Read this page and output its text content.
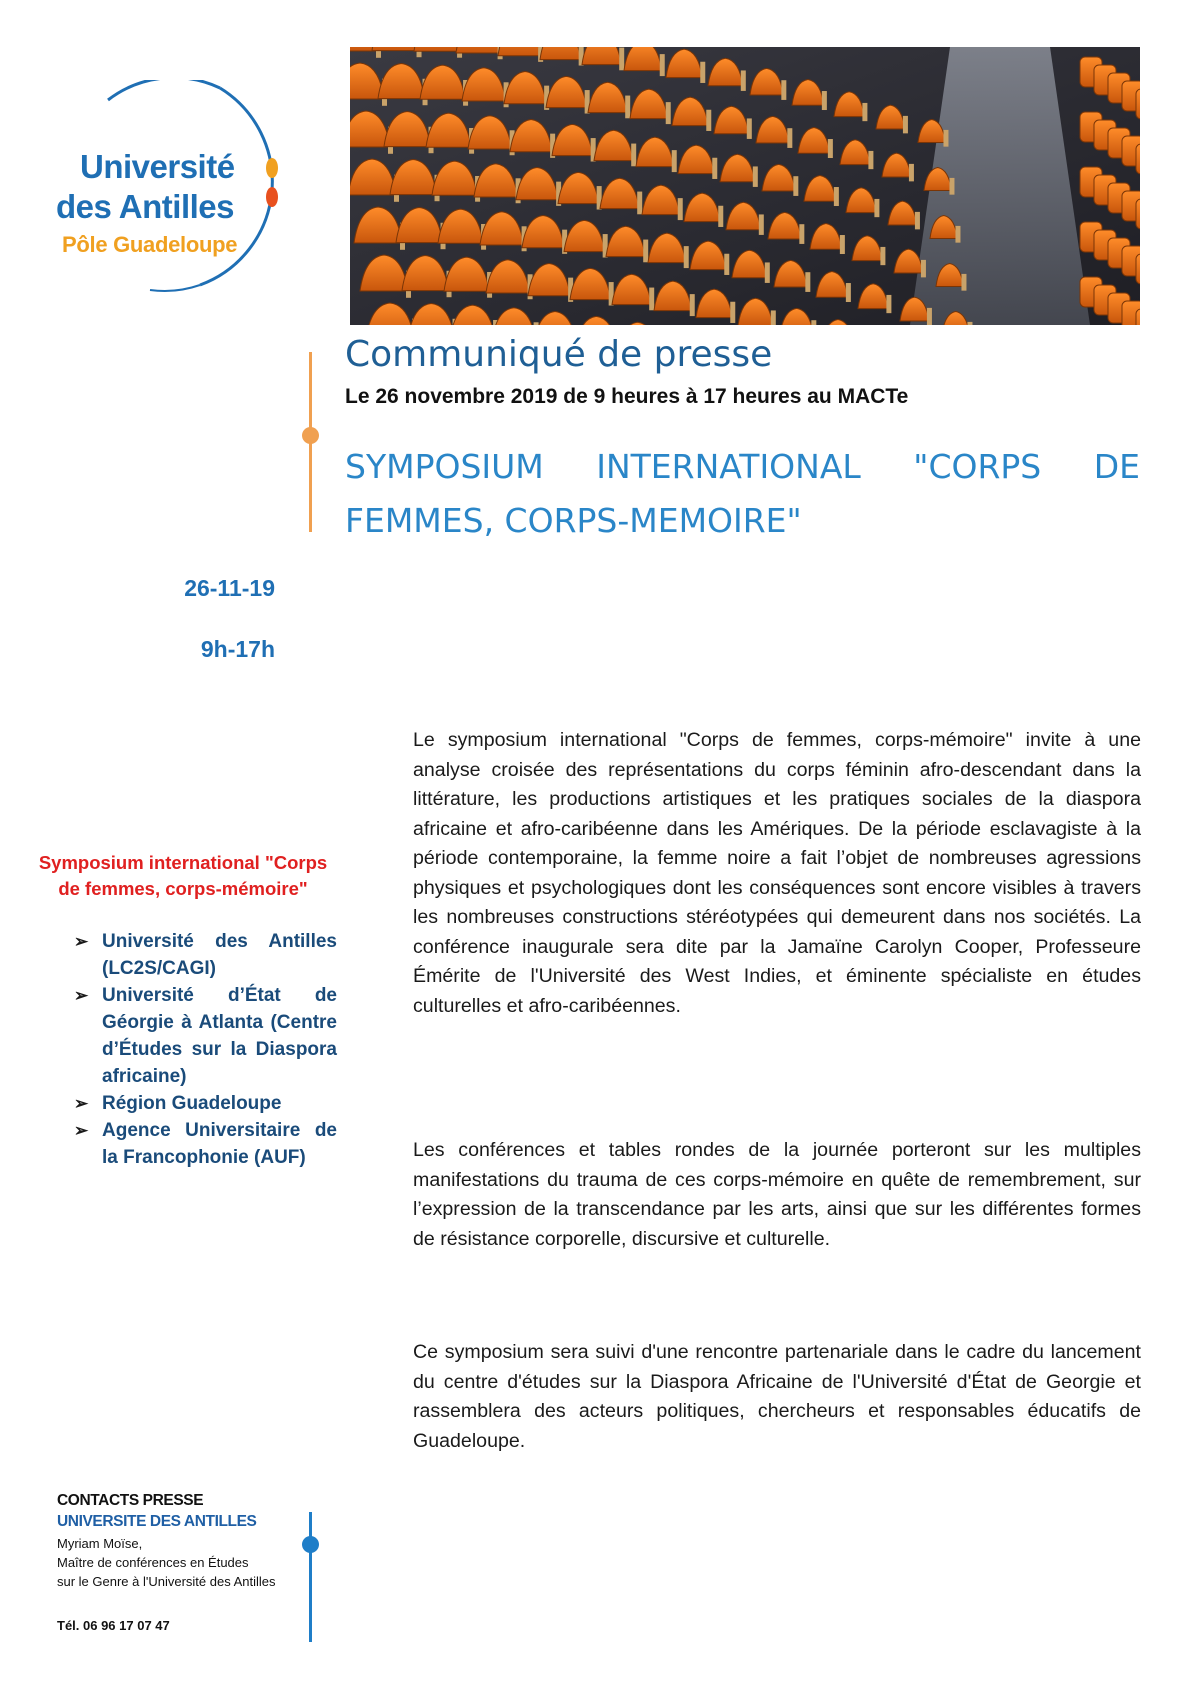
Université
des Antilles
Pôle Guadeloupe
Communiqué de presse
Le 26 novembre 2019 de 9 heures à 17 heures au MACTe
SYMPOSIUM INTERNATIONAL "CORPS DE FEMMES, CORPS-MEMOIRE"
26-11-19
9h-17h
Symposium international "Corps de femmes, corps-mémoire"
➢ Université des Antilles (LC2S/CAGI)
➢ Université d’État de Géorgie à Atlanta (Centre d’Études sur la Diaspora africaine)
➢ Région Guadeloupe
➢ Agence Universitaire de la Francophonie (AUF)
Le symposium international "Corps de femmes, corps-mémoire" invite à une analyse croisée des représentations du corps féminin afro-descendant dans la littérature, les productions artistiques et les pratiques sociales de la diaspora africaine et afro-caribéenne dans les Amériques. De la période esclavagiste à la période contemporaine, la femme noire a fait l’objet de nombreuses agressions physiques et psychologiques dont les conséquences sont encore visibles à travers les nombreuses constructions stéréotypées qui demeurent dans nos sociétés. La conférence inaugurale sera dite par la Jamaïne Carolyn Cooper, Professeure Émérite de l'Université des West Indies, et éminente spécialiste en études culturelles et afro-caribéennes.
Les conférences et tables rondes de la journée porteront sur les multiples manifestations du trauma de ces corps-mémoire en quête de remembrement, sur l’expression de la transcendance par les arts, ainsi que sur les différentes formes de résistance corporelle, discursive et culturelle.
Ce symposium sera suivi d'une rencontre partenariale dans le cadre du lancement du centre d'études sur la Diaspora Africaine de l'Université d'État de Georgie et rassemblera des acteurs politiques, chercheurs et responsables éducatifs de Guadeloupe.
CONTACTS PRESSE
UNIVERSITE DES ANTILLES
Myriam Moïse,
Maître de conférences en Études
sur le Genre à l'Université des Antilles
Tél. 06 96 17 07 47
